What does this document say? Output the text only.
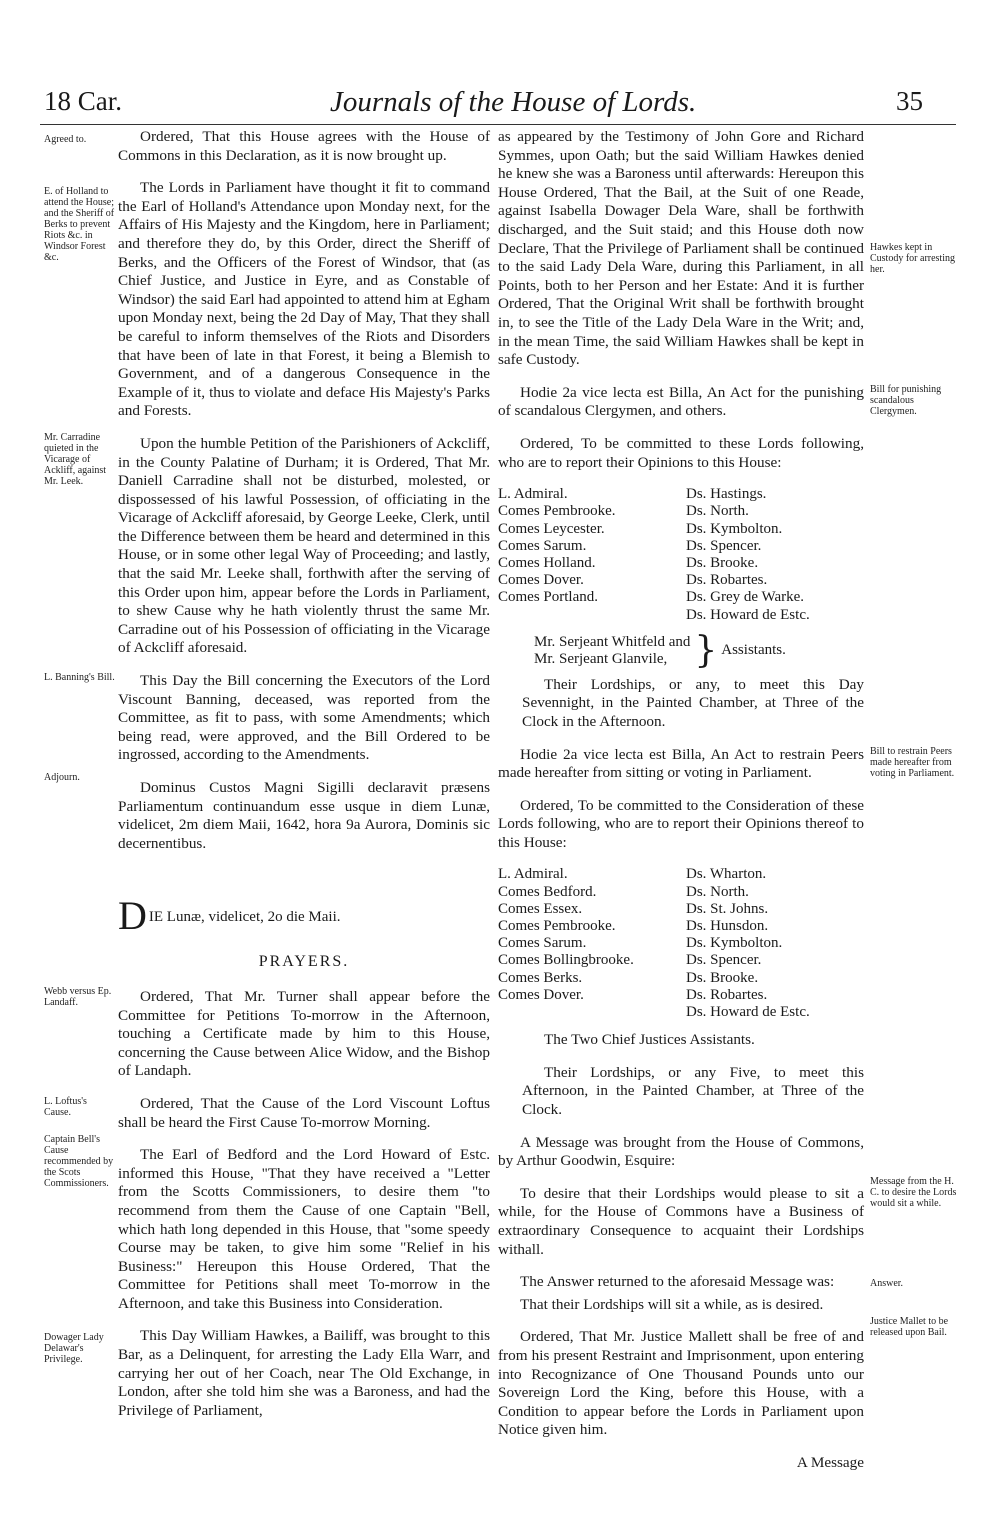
18 Car.	Journals of the House of Lords.	35
Agreed to.
E. of Holland to attend the House; and the Sheriff of Berks to prevent Riots &c. in Windsor Forest &c.
Mr. Carradine quieted in the Vicarage of Ackliff, against Mr. Leek.
L. Banning's Bill.
Adjourn.
Webb versus Ep. Landaff.
L. Loftus's Cause.
Captain Bell's Cause recommended by the Scots Commissioners.
Dowager Lady Delawar's Privilege.
Hawkes kept in Custody for arresting her.
Bill for punishing scandalous Clergymen.
Bill to restrain Peers made hereafter from voting in Parliament.
Message from the H. C. to desire the Lords would sit a while.
Answer.
Justice Mallet to be released upon Bail.

Ordered, That this House agrees with the House of Commons in this Declaration, as it is now brought up.

The Lords in Parliament have thought it fit to command the Earl of Holland's Attendance upon Monday next, for the Affairs of His Majesty and the Kingdom, here in Parliament; and therefore they do, by this Order, direct the Sheriff of Berks, and the Officers of the Forest of Windsor, that (as Chief Justice, and Justice in Eyre, and as Constable of Windsor) the said Earl had appointed to attend him at Egham upon Monday next, being the 2d Day of May, That they shall be careful to inform themselves of the Riots and Disorders that have been of late in that Forest, it being a Blemish to Government, and of a dangerous Consequence in the Example of it, thus to violate and deface His Majesty's Parks and Forests.

Upon the humble Petition of the Parishioners of Ackcliff, in the County Palatine of Durham; it is Ordered, That Mr. Daniell Carradine shall not be disturbed, molested, or dispossessed of his lawful Possession, of officiating in the Vicarage of Ackcliff aforesaid, by George Leeke, Clerk, until the Difference between them be heard and determined in this House, or in some other legal Way of Proceeding; and lastly, that the said Mr. Leeke shall, forthwith after the serving of this Order upon him, appear before the Lords in Parliament, to shew Cause why he hath violently thrust the same Mr. Carradine out of his Possession of officiating in the Vicarage of Ackcliff aforesaid.

This Day the Bill concerning the Executors of the Lord Viscount Banning, deceased, was reported from the Committee, as fit to pass, with some Amendments; which being read, were approved, and the Bill Ordered to be ingrossed, according to the Amendments.

Dominus Custos Magni Sigilli declaravit præsens Parliamentum continuandum esse usque in diem Lunæ, videlicet, 2m diem Maii, 1642, hora 9a Aurora, Dominis sic decernentibus.

DIE Lunæ, videlicet, 2o die Maii.
PRAYERS.

Ordered, That Mr. Turner shall appear before the Committee for Petitions To-morrow in the Afternoon, touching a Certificate made by him to this House, concerning the Cause between Alice Widow, and the Bishop of Landaph.

Ordered, That the Cause of the Lord Viscount Loftus shall be heard the First Cause To-morrow Morning.

The Earl of Bedford and the Lord Howard of Estc. informed this House, "That they have received a "Letter from the Scotts Commissioners, to desire them "to recommend from them the Cause of one Captain "Bell, which hath long depended in this House, that "some speedy Course may be taken, to give him some "Relief in his Business:" Hereupon this House Ordered, That the Committee for Petitions shall meet To-morrow in the Afternoon, and take this Business into Consideration.

This Day William Hawkes, a Bailiff, was brought to this Bar, as a Delinquent, for arresting the Lady Ella Warr, and carrying her out of her Coach, near The Old Exchange, in London, after she told him she was a Baroness, and had the Privilege of Parliament,

as appeared by the Testimony of John Gore and Richard Symmes, upon Oath; but the said William Hawkes denied he knew she was a Baroness until afterwards: Hereupon this House Ordered, That the Bail, at the Suit of one Reade, against Isabella Dowager Dela Ware, shall be forthwith discharged, and the Suit staid; and this House doth now Declare, That the Privilege of Parliament shall be continued to the said Lady Dela Ware, during this Parliament, in all Points, both to her Person and her Estate: And it is further Ordered, That the Original Writ shall be forthwith brought in, to see the Title of the Lady Dela Ware in the Writ; and, in the mean Time, the said William Hawkes shall be kept in safe Custody.

Hodie 2a vice lecta est Billa, An Act for the punishing of scandalous Clergymen, and others.

Ordered, To be committed to these Lords following, who are to report their Opinions to this House:

L. Admiral.
Comes Pembrooke.
Comes Leycester.
Comes Sarum.
Comes Holland.
Comes Dover.
Comes Portland.
Ds. Hastings.
Ds. North.
Ds. Kymbolton.
Ds. Spencer.
Ds. Brooke.
Ds. Robartes.
Ds. Grey de Warke.
Ds. Howard de Estc.
Mr. Serjeant Whitfeld and
Mr. Serjeant Glanvile, } Assistants.

Their Lordships, or any, to meet this Day Sevennight, in the Painted Chamber, at Three of the Clock in the Afternoon.

Hodie 2a vice lecta est Billa, An Act to restrain Peers made hereafter from sitting or voting in Parliament.

Ordered, To be committed to the Consideration of these Lords following, who are to report their Opinions thereof to this House:

L. Admiral.
Comes Bedford.
Comes Essex.
Comes Pembrooke.
Comes Sarum.
Comes Bollingbrooke.
Comes Berks.
Comes Dover.
Ds. Wharton.
Ds. North.
Ds. St. Johns.
Ds. Hunsdon.
Ds. Kymbolton.
Ds. Spencer.
Ds. Brooke.
Ds. Robartes.
Ds. Howard de Estc.

The Two Chief Justices Assistants.

Their Lordships, or any Five, to meet this Afternoon, in the Painted Chamber, at Three of the Clock.

A Message was brought from the House of Commons, by Arthur Goodwin, Esquire:

To desire that their Lordships would please to sit a while, for the House of Commons have a Business of extraordinary Consequence to acquaint their Lordships withall.

The Answer returned to the aforesaid Message was:

That their Lordships will sit a while, as is desired.

Ordered, That Mr. Justice Mallett shall be free of and from his present Restraint and Imprisonment, upon entering into Recognizance of One Thousand Pounds unto our Sovereign Lord the King, before this House, with a Condition to appear before the Lords in Parliament upon Notice given him.

A Message
